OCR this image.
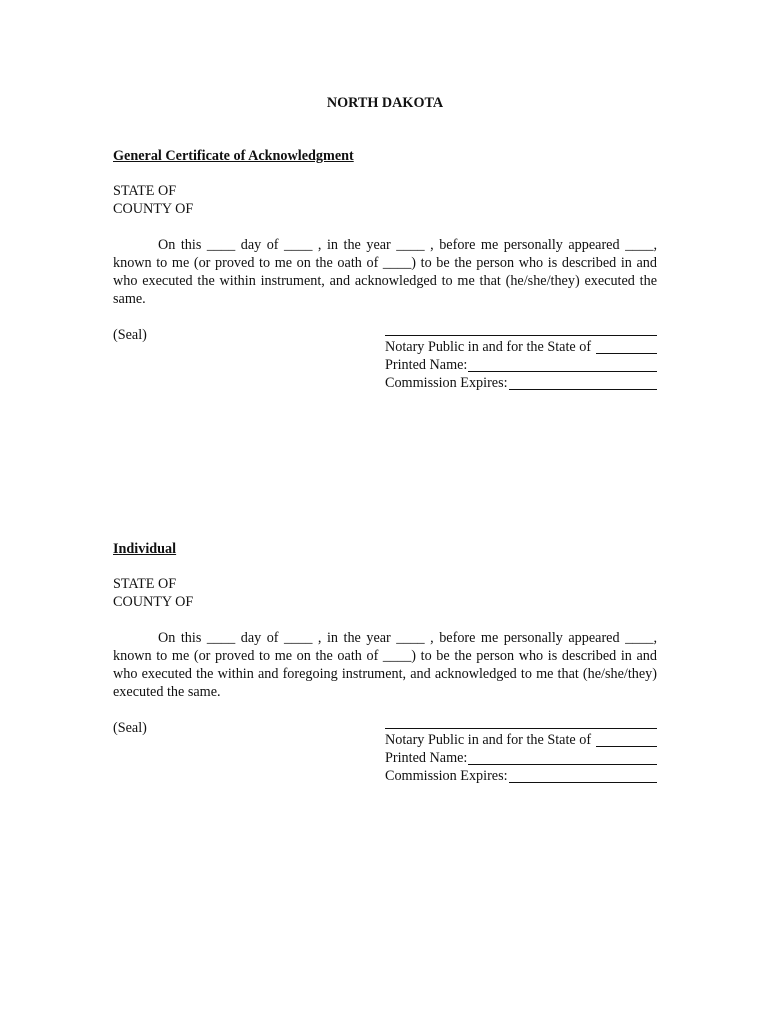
NORTH DAKOTA
General Certificate of Acknowledgment
STATE OF
COUNTY OF
On this ____ day of ____ , in the year ____ , before me personally appeared ____, known to me (or proved to me on the oath of ____) to be the person who is described in and who executed the within instrument, and acknowledged to me that (he/she/they) executed the same.
(Seal)
Notary Public in and for the State of
Printed Name:
Commission Expires:
Individual
STATE OF
COUNTY OF
On this ____ day of ____ , in the year ____ , before me personally appeared ____, known to me (or proved to me on the oath of ____) to be the person who is described in and who executed the within and foregoing instrument, and acknowledged to me that (he/she/they) executed the same.
(Seal)
Notary Public in and for the State of
Printed Name:
Commission Expires:
